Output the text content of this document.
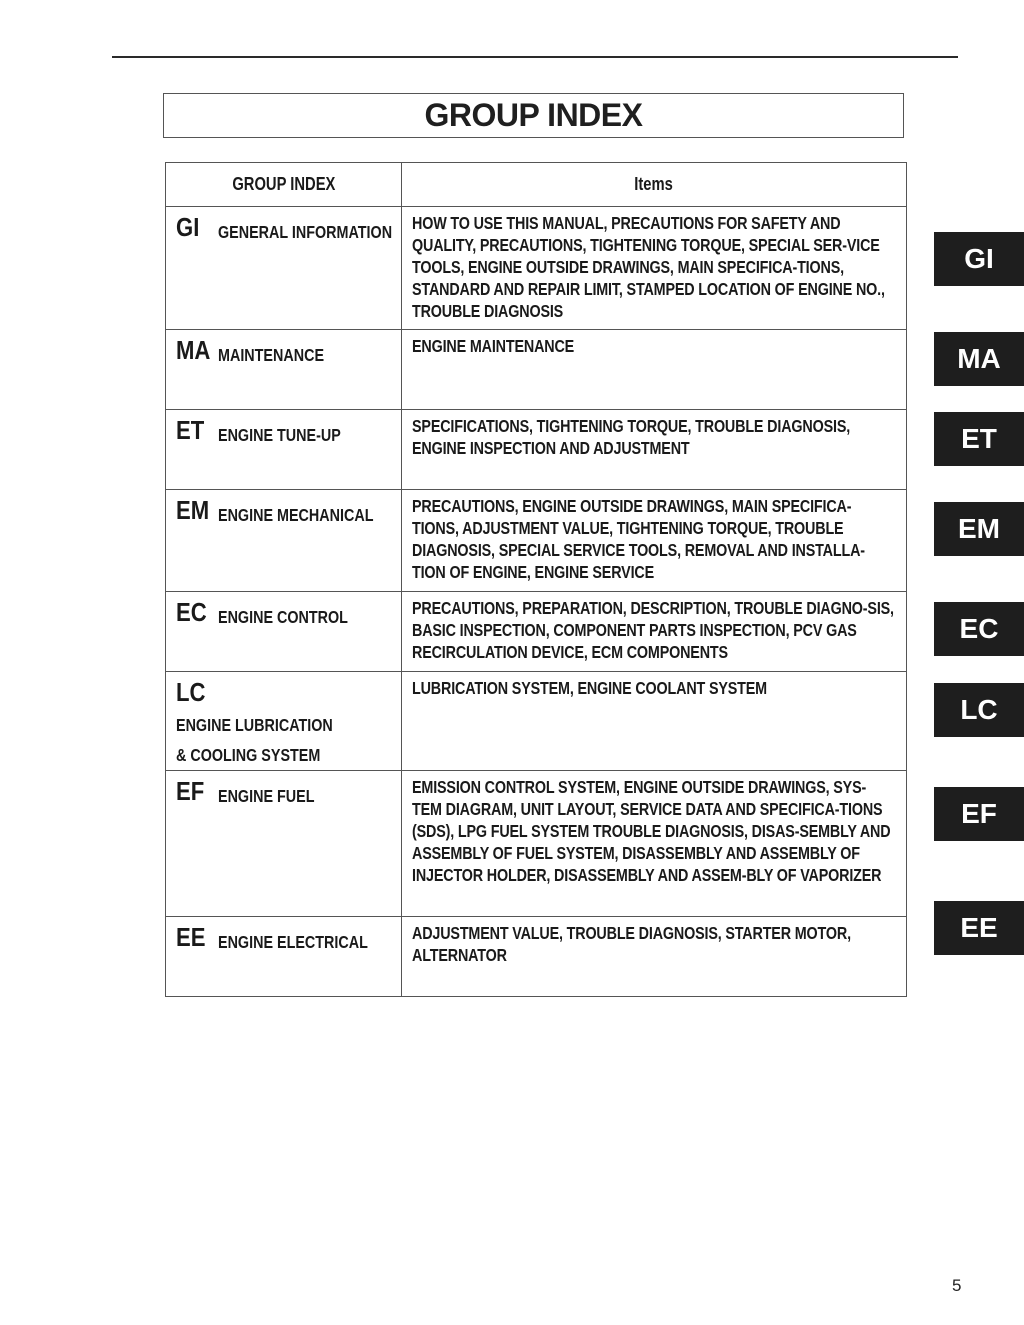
GROUP INDEX
GROUP INDEX	Items
GI GENERAL INFORMATION	HOW TO USE THIS MANUAL, PRECAUTIONS FOR SAFETY AND QUALITY, PRECAUTIONS, TIGHTENING TORQUE, SPECIAL SER-VICE TOOLS, ENGINE OUTSIDE DRAWINGS, MAIN SPECIFICA-TIONS, STANDARD AND REPAIR LIMIT, STAMPED LOCATION OF ENGINE NO., TROUBLE DIAGNOSIS

MA MAINTENANCE	ENGINE MAINTENANCE

ET ENGINE TUNE-UP	SPECIFICATIONS, TIGHTENING TORQUE, TROUBLE DIAGNOSIS, ENGINE INSPECTION AND ADJUSTMENT

EM ENGINE MECHANICAL	PRECAUTIONS, ENGINE OUTSIDE DRAWINGS, MAIN SPECIFICA-TIONS, ADJUSTMENT VALUE, TIGHTENING TORQUE, TROUBLE DIAGNOSIS, SPECIAL SERVICE TOOLS, REMOVAL AND INSTALLA-TION OF ENGINE, ENGINE SERVICE

EC ENGINE CONTROL	PRECAUTIONS, PREPARATION, DESCRIPTION, TROUBLE DIAGNO-SIS, BASIC INSPECTION, COMPONENT PARTS INSPECTION, PCV GAS RECIRCULATION DEVICE, ECM COMPONENTS

LCENGINE LUBRICATION & COOLING SYSTEM	LUBRICATION SYSTEM, ENGINE COOLANT SYSTEM

EF ENGINE FUEL	EMISSION CONTROL SYSTEM, ENGINE OUTSIDE DRAWINGS, SYS-TEM DIAGRAM, UNIT LAYOUT, SERVICE DATA AND SPECIFICA-TIONS (SDS), LPG FUEL SYSTEM TROUBLE DIAGNOSIS, DISAS-SEMBLY AND ASSEMBLY OF FUEL SYSTEM, DISASSEMBLY AND ASSEMBLY OF INJECTOR HOLDER, DISASSEMBLY AND ASSEM-BLY OF VAPORIZER

EE ENGINE ELECTRICAL	ADJUSTMENT VALUE, TROUBLE DIAGNOSIS, STARTER MOTOR, ALTERNATOR
GI
MA
ET
EM
EC
LC
EF
EE
5
